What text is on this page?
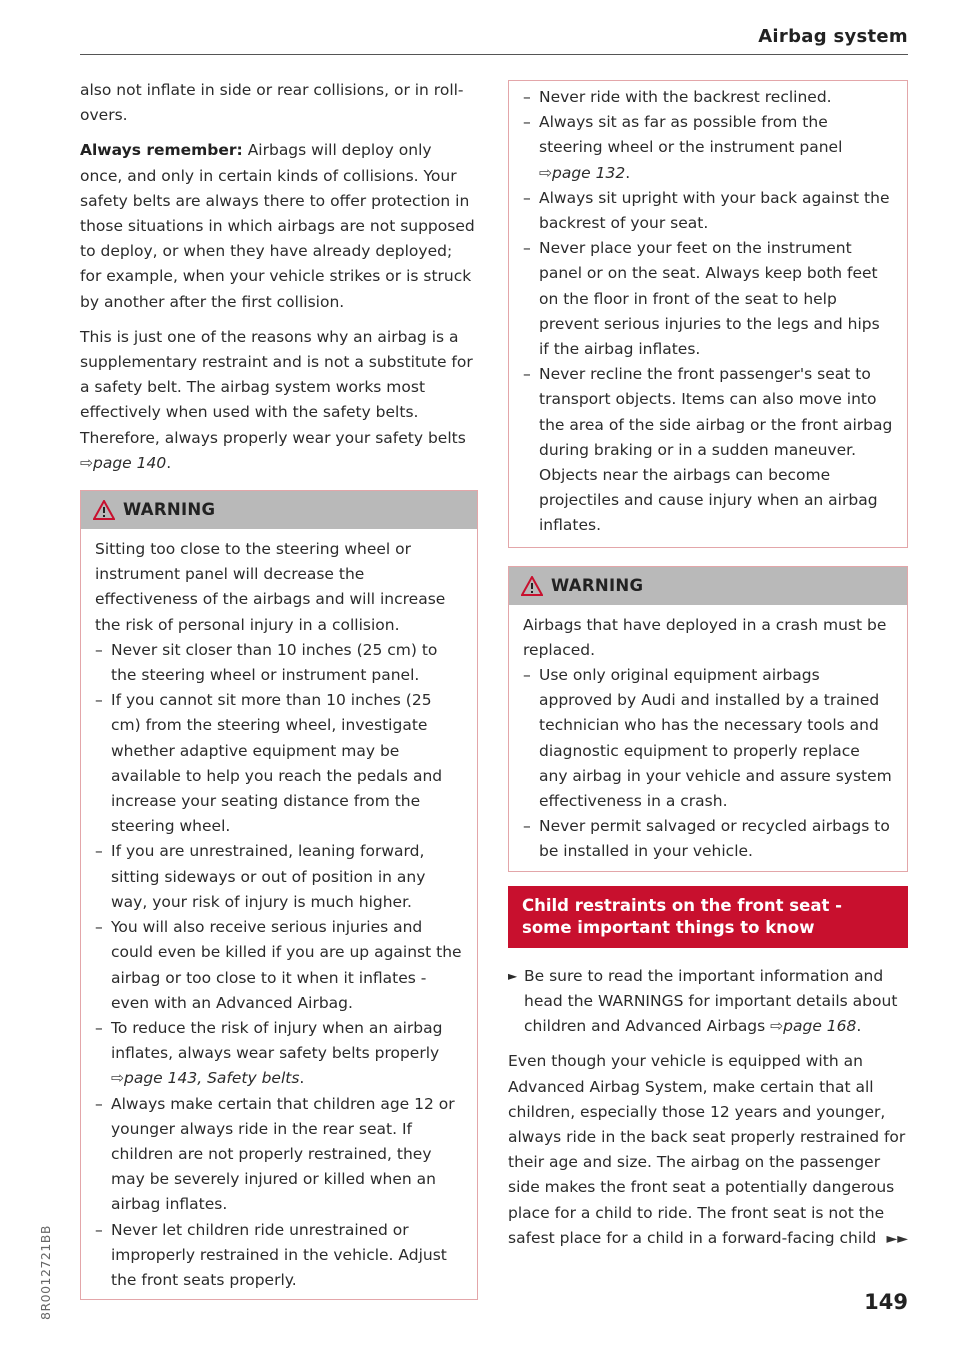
Airbag system

also not inflate in side or rear collisions, or in roll-overs.

Always remember: Airbags will deploy only once, and only in certain kinds of collisions. Your safety belts are always there to offer protection in those situations in which airbags are not supposed to deploy, or when they have already deployed; for example, when your vehicle strikes or is struck by another after the first collision.

This is just one of the reasons why an airbag is a supplementary restraint and is not a substitute for a safety belt. The airbag system works most effectively when used with the safety belts. Therefore, always properly wear your safety belts ⇨page 140.

WARNING

Sitting too close to the steering wheel or instrument panel will decrease the effectiveness of the airbags and will increase the risk of personal injury in a collision.

– Never sit closer than 10 inches (25 cm) to the steering wheel or instrument panel.
– If you cannot sit more than 10 inches (25 cm) from the steering wheel, investigate whether adaptive equipment may be available to help you reach the pedals and increase your seating distance from the steering wheel.
– If you are unrestrained, leaning forward, sitting sideways or out of position in any way, your risk of injury is much higher.
– You will also receive serious injuries and could even be killed if you are up against the airbag or too close to it when it inflates - even with an Advanced Airbag.
– To reduce the risk of injury when an airbag inflates, always wear safety belts properly ⇨page 143, Safety belts.
– Always make certain that children age 12 or younger always ride in the rear seat. If children are not properly restrained, they may be severely injured or killed when an airbag inflates.
– Never let children ride unrestrained or improperly restrained in the vehicle. Adjust the front seats properly.
– Never ride with the backrest reclined.
– Always sit as far as possible from the steering wheel or the instrument panel ⇨page 132.
– Always sit upright with your back against the backrest of your seat.
– Never place your feet on the instrument panel or on the seat. Always keep both feet on the floor in front of the seat to help prevent serious injuries to the legs and hips if the airbag inflates.
– Never recline the front passenger's seat to transport objects. Items can also move into the area of the side airbag or the front airbag during braking or in a sudden maneuver. Objects near the airbags can become projectiles and cause injury when an airbag inflates.
WARNING

Airbags that have deployed in a crash must be replaced.

– Use only original equipment airbags approved by Audi and installed by a trained technician who has the necessary tools and diagnostic equipment to properly replace any airbag in your vehicle and assure system effectiveness in a crash.
– Never permit salvaged or recycled airbags to be installed in your vehicle.
Child restraints on the front seat - some important things to know
► Be sure to read the important information and head the WARNINGS for important details about children and Advanced Airbags ⇨page 168.

Even though your vehicle is equipped with an Advanced Airbag System, make certain that all children, especially those 12 years and younger, always ride in the back seat properly restrained for their age and size. The airbag on the passenger side makes the front seat a potentially dangerous place for a child to ride. The front seat is not the safest place for a child in a forward-facing child ►►

149
8R0012721BB
